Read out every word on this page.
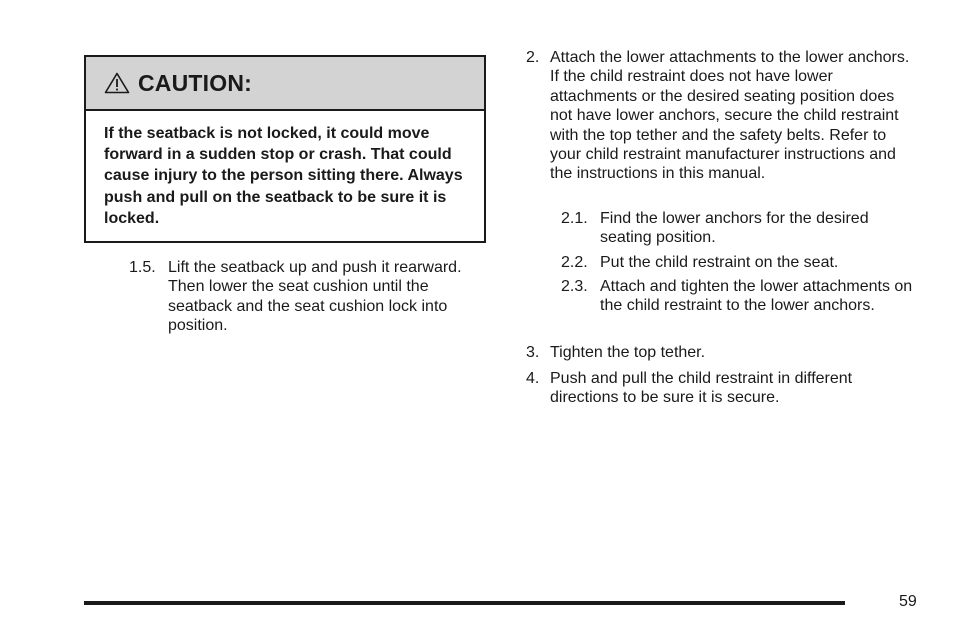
CAUTION:
If the seatback is not locked, it could move forward in a sudden stop or crash. That could cause injury to the person sitting there. Always push and pull on the seatback to be sure it is locked.
1.5. Lift the seatback up and push it rearward. Then lower the seat cushion until the seatback and the seat cushion lock into position.
2. Attach the lower attachments to the lower anchors. If the child restraint does not have lower attachments or the desired seating position does not have lower anchors, secure the child restraint with the top tether and the safety belts. Refer to your child restraint manufacturer instructions and the instructions in this manual.
2.1. Find the lower anchors for the desired seating position.
2.2. Put the child restraint on the seat.
2.3. Attach and tighten the lower attachments on the child restraint to the lower anchors.
3. Tighten the top tether.
4. Push and pull the child restraint in different directions to be sure it is secure.
59
